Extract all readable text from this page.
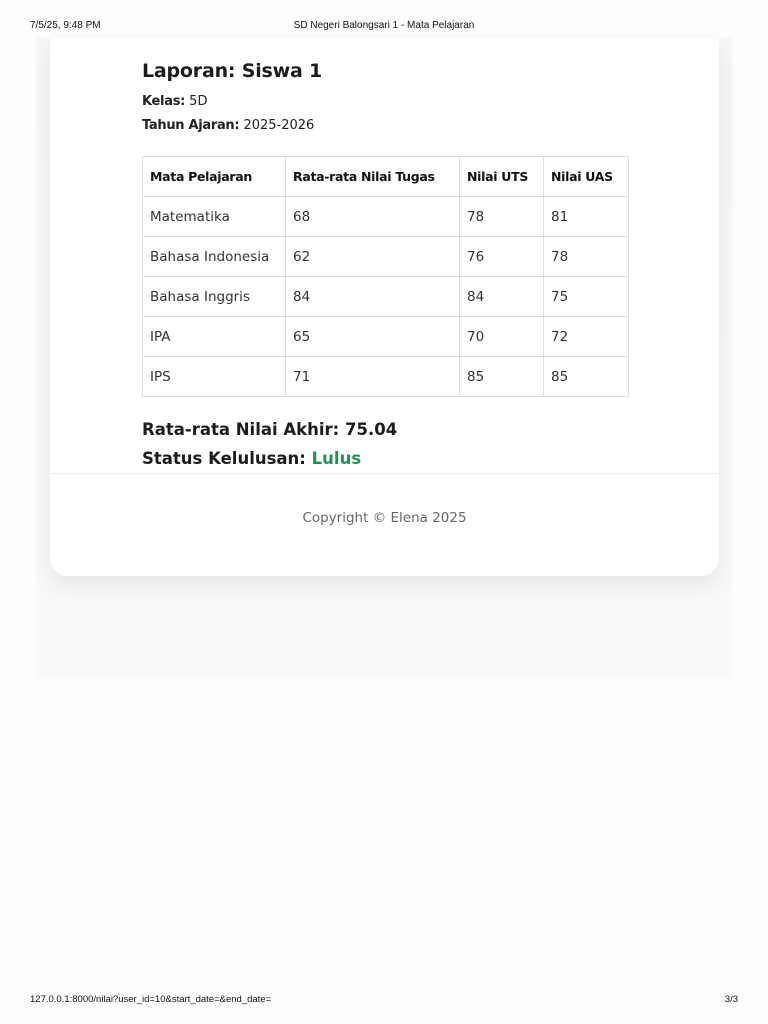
7/5/25, 9:48 PM	SD Negeri Balongsari 1 - Mata Pelajaran
Laporan: Siswa 1

Kelas: 5D

Tahun Ajaran: 2025-2026

Mata Pelajaran	Rata-rata Nilai Tugas	Nilai UTS	Nilai UAS
Matematika	68	78	81
Bahasa Indonesia	62	76	78
Bahasa Inggris	84	84	75
IPA	65	70	72
IPS	71	85	85

Rata-rata Nilai Akhir: 75.04

Status Kelulusan: Lulus

Copyright © Elena 2025

127.0.0.1:8000/nilai?user_id=10&start_date=&end_date=	3/3
